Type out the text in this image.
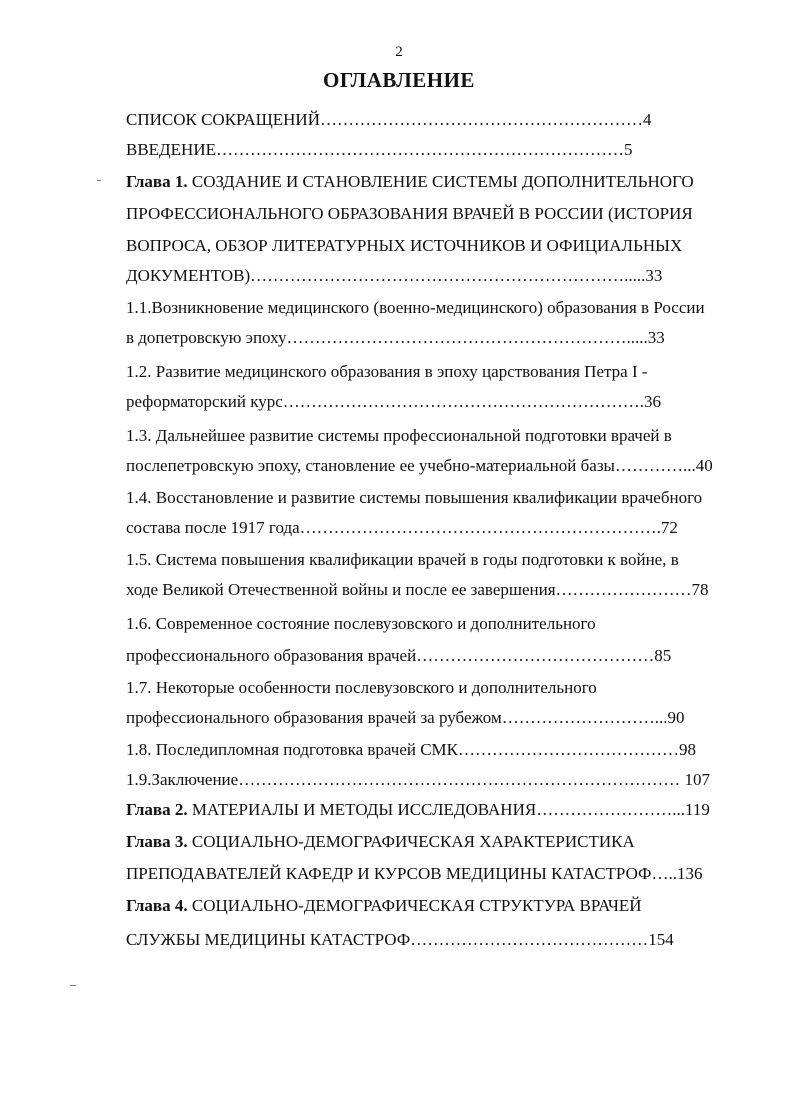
2
ОГЛАВЛЕНИЕ
СПИСОК СОКРАЩЕНИЙ…………………………………………………4
ВВЕДЕНИЕ………………………………………………………………5
Глава 1. СОЗДАНИЕ И СТАНОВЛЕНИЕ СИСТЕМЫ ДОПОЛНИТЕЛЬНОГО
ПРОФЕССИОНАЛЬНОГО ОБРАЗОВАНИЯ ВРАЧЕЙ В РОССИИ (ИСТОРИЯ
ВОПРОСА, ОБЗОР ЛИТЕРАТУРНЫХ ИСТОЧНИКОВ И ОФИЦИАЛЬНЫХ
ДОКУМЕНТОВ)………………………………………………………….....33
1.1.Возникновение медицинского (военно-медицинского) образования в России
в допетровскую эпоху…………………………………………………….....33
1.2. Развитие медицинского образования в эпоху царствования Петра I -
реформаторский курс……………………………………………………….36
1.3. Дальнейшее развитие системы профессиональной подготовки врачей в
послепетровскую эпоху, становление ее учебно-материальной базы…………...40
1.4. Восстановление и развитие системы повышения квалификации врачебного
состава после 1917 года……………………………………………………….72
1.5. Система повышения квалификации врачей в годы подготовки к войне, в
ходе Великой Отечественной войны и после ее завершения……………………78
1.6. Современное состояние послевузовского и дополнительного
профессионального образования врачей……………………………………85
1.7. Некоторые особенности послевузовского и дополнительного
профессионального образования врачей за рубежом………………………...90
1.8. Последипломная подготовка врачей СМК…………………………………98
1.9.Заключение…………………………………………………………………… 107
Глава 2. МАТЕРИАЛЫ И МЕТОДЫ ИССЛЕДОВАНИЯ……………………...119
Глава 3. СОЦИАЛЬНО-ДЕМОГРАФИЧЕСКАЯ ХАРАКТЕРИСТИКА
ПРЕПОДАВАТЕЛЕЙ КАФЕДР И КУРСОВ МЕДИЦИНЫ КАТАСТРОФ…..136
Глава 4. СОЦИАЛЬНО-ДЕМОГРАФИЧЕСКАЯ СТРУКТУРА ВРАЧЕЙ
СЛУЖБЫ МЕДИЦИНЫ КАТАСТРОФ……………………………………154
